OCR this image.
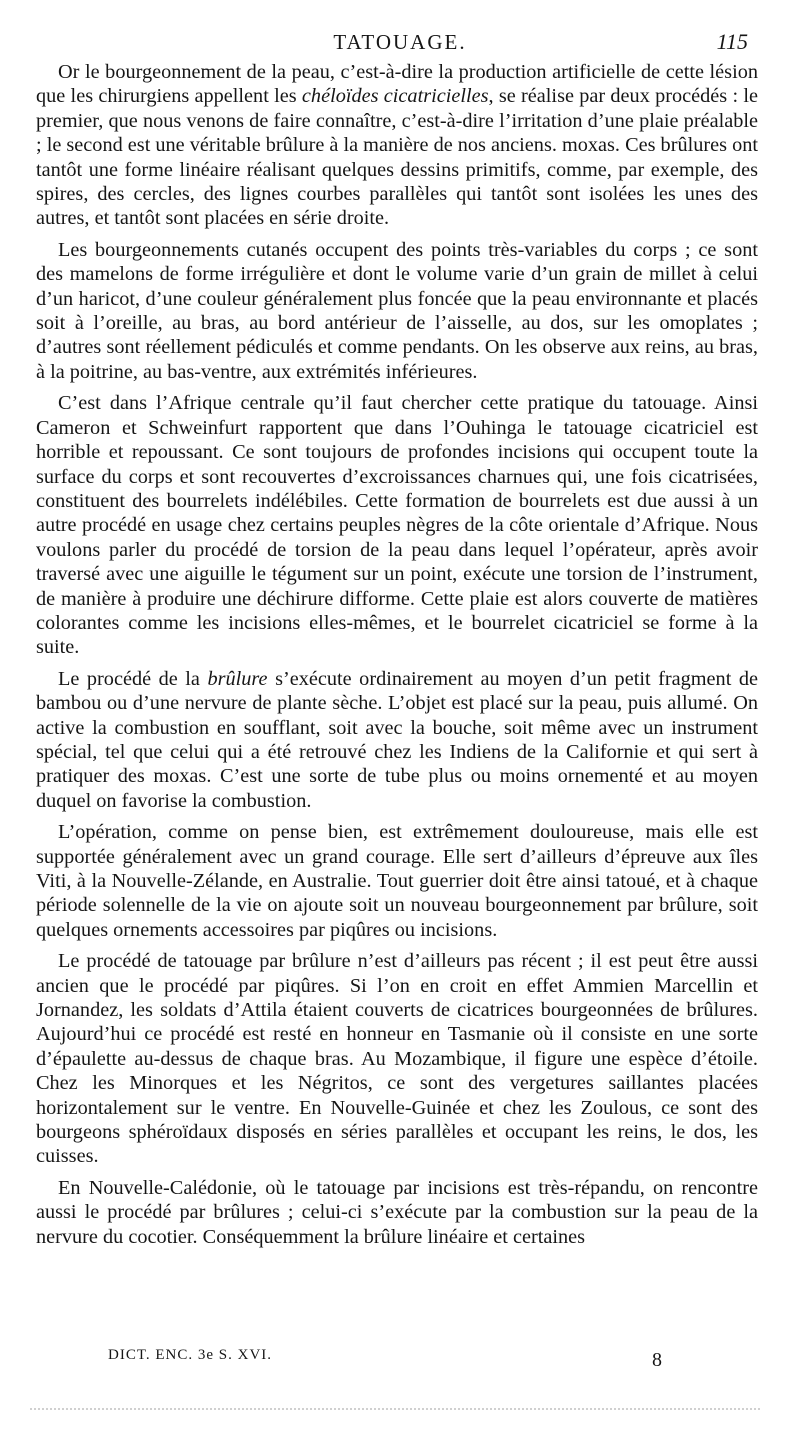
TATOUAGE.	115

Or le bourgeonnement de la peau, c’est-à-dire la production artificielle de cette lésion que les chirurgiens appellent les chéloïdes cicatricielles, se réalise par deux procédés : le premier, que nous venons de faire connaître, c’est-à-dire l’irritation d’une plaie préalable ; le second est une véritable brûlure à la manière de nos anciens. moxas. Ces brûlures ont tantôt une forme linéaire réalisant quelques dessins primitifs, comme, par exemple, des spires, des cercles, des lignes courbes parallèles qui tantôt sont isolées les unes des autres, et tantôt sont placées en série droite.

Les bourgeonnements cutanés occupent des points très-variables du corps ; ce sont des mamelons de forme irrégulière et dont le volume varie d’un grain de millet à celui d’un haricot, d’une couleur généralement plus foncée que la peau environnante et placés soit à l’oreille, au bras, au bord antérieur de l’aisselle, au dos, sur les omoplates ; d’autres sont réellement pédiculés et comme pendants. On les observe aux reins, au bras, à la poitrine, au bas-ventre, aux extrémités inférieures.

C’est dans l’Afrique centrale qu’il faut chercher cette pratique du tatouage. Ainsi Cameron et Schweinfurt rapportent que dans l’Ouhinga le tatouage cicatriciel est horrible et repoussant. Ce sont toujours de profondes incisions qui occupent toute la surface du corps et sont recouvertes d’excroissances charnues qui, une fois cicatrisées, constituent des bourrelets indélébiles. Cette formation de bourrelets est due aussi à un autre procédé en usage chez certains peuples nègres de la côte orientale d’Afrique. Nous voulons parler du procédé de torsion de la peau dans lequel l’opérateur, après avoir traversé avec une aiguille le tégument sur un point, exécute une torsion de l’instrument, de manière à produire une déchirure difforme. Cette plaie est alors couverte de matières colorantes comme les incisions elles-mêmes, et le bourrelet cicatriciel se forme à la suite.

Le procédé de la brûlure s’exécute ordinairement au moyen d’un petit fragment de bambou ou d’une nervure de plante sèche. L’objet est placé sur la peau, puis allumé. On active la combustion en soufflant, soit avec la bouche, soit même avec un instrument spécial, tel que celui qui a été retrouvé chez les Indiens de la Californie et qui sert à pratiquer des moxas. C’est une sorte de tube plus ou moins ornementé et au moyen duquel on favorise la combustion.

L’opération, comme on pense bien, est extrêmement douloureuse, mais elle est supportée généralement avec un grand courage. Elle sert d’ailleurs d’épreuve aux îles Viti, à la Nouvelle-Zélande, en Australie. Tout guerrier doit être ainsi tatoué, et à chaque période solennelle de la vie on ajoute soit un nouveau bourgeonnement par brûlure, soit quelques ornements accessoires par piqûres ou incisions.

Le procédé de tatouage par brûlure n’est d’ailleurs pas récent ; il est peut être aussi ancien que le procédé par piqûres. Si l’on en croit en effet Ammien Marcellin et Jornandez, les soldats d’Attila étaient couverts de cicatrices bourgeonnées de brûlures. Aujourd’hui ce procédé est resté en honneur en Tasmanie où il consiste en une sorte d’épaulette au-dessus de chaque bras. Au Mozambique, il figure une espèce d’étoile. Chez les Minorques et les Négritos, ce sont des vergetures saillantes placées horizontalement sur le ventre. En Nouvelle-Guinée et chez les Zoulous, ce sont des bourgeons sphéroïdaux disposés en séries parallèles et occupant les reins, le dos, les cuisses.

En Nouvelle-Calédonie, où le tatouage par incisions est très-répandu, on rencontre aussi le procédé par brûlures ; celui-ci s’exécute par la combustion sur la peau de la nervure du cocotier. Conséquemment la brûlure linéaire et certaines

DICT. ENC. 3e S. XVI.	8
